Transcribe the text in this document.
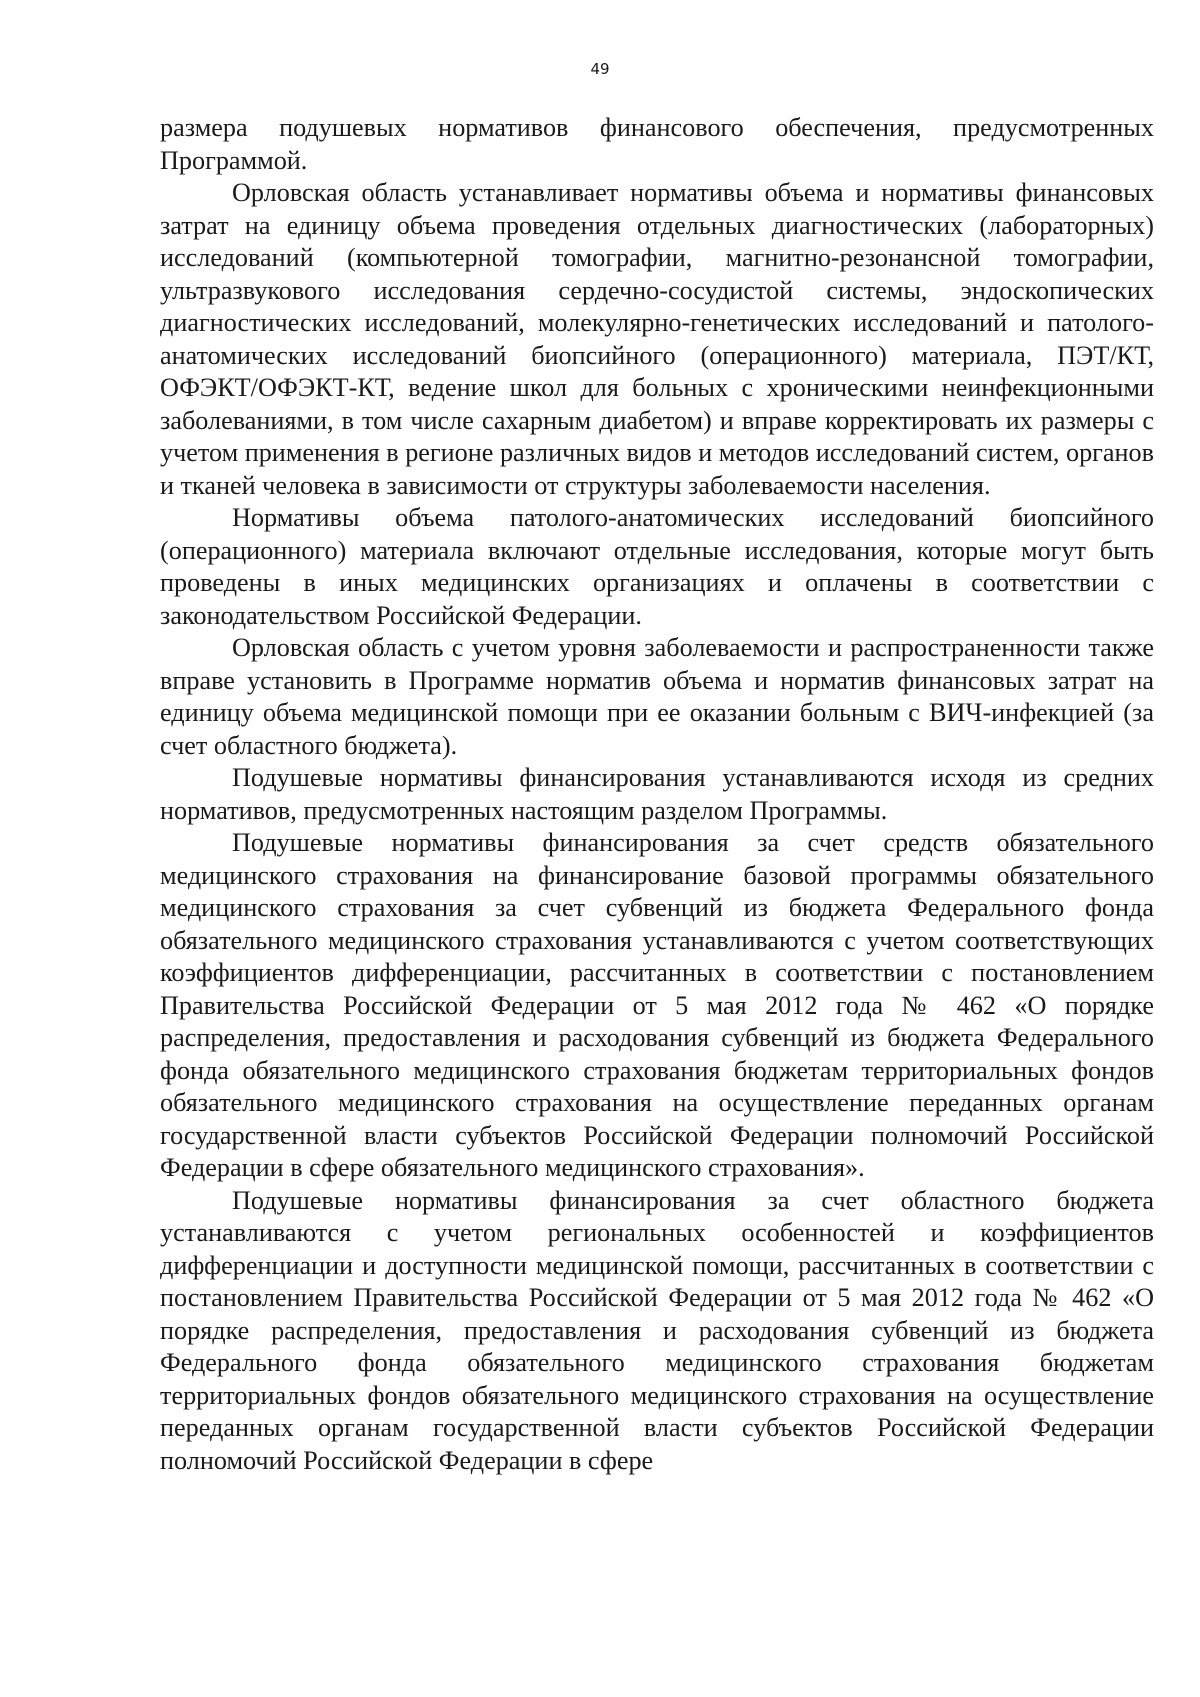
49

размера подушевых нормативов финансового обеспечения, предусмотренных Программой.

Орловская область устанавливает нормативы объема и нормативы финансовых затрат на единицу объема проведения отдельных диагностических (лабораторных) исследований (компьютерной томографии, магнитно-резонансной томографии, ультразвукового исследования сердечно-сосудистой системы, эндоскопических диагностических исследований, молекулярно-генетических исследований и патолого-анатомических исследований биопсийного (операционного) материала, ПЭТ/КТ, ОФЭКТ/ОФЭКТ-КТ, ведение школ для больных с хроническими неинфекционными заболеваниями, в том числе сахарным диабетом) и вправе корректировать их размеры с учетом применения в регионе различных видов и методов исследований систем, органов и тканей человека в зависимости от структуры заболеваемости населения.

Нормативы объема патолого-анатомических исследований биопсийного (операционного) материала включают отдельные исследования, которые могут быть проведены в иных медицинских организациях и оплачены в соответствии с законодательством Российской Федерации.

Орловская область с учетом уровня заболеваемости и распространенности также вправе установить в Программе норматив объема и норматив финансовых затрат на единицу объема медицинской помощи при ее оказании больным с ВИЧ-инфекцией (за счет областного бюджета).

Подушевые нормативы финансирования устанавливаются исходя из средних нормативов, предусмотренных настоящим разделом Программы.

Подушевые нормативы финансирования за счет средств обязательного медицинского страхования на финансирование базовой программы обязательного медицинского страхования за счет субвенций из бюджета Федерального фонда обязательного медицинского страхования устанавливаются с учетом соответствующих коэффициентов дифференциации, рассчитанных в соответствии с постановлением Правительства Российской Федерации от 5 мая 2012 года № 462 «О порядке распределения, предоставления и расходования субвенций из бюджета Федерального фонда обязательного медицинского страхования бюджетам территориальных фондов обязательного медицинского страхования на осуществление переданных органам государственной власти субъектов Российской Федерации полномочий Российской Федерации в сфере обязательного медицинского страхования».

Подушевые нормативы финансирования за счет областного бюджета устанавливаются с учетом региональных особенностей и коэффициентов дифференциации и доступности медицинской помощи, рассчитанных в соответствии с постановлением Правительства Российской Федерации от 5 мая 2012 года № 462 «О порядке распределения, предоставления и расходования субвенций из бюджета Федерального фонда обязательного медицинского страхования бюджетам территориальных фондов обязательного медицинского страхования на осуществление переданных органам государственной власти субъектов Российской Федерации полномочий Российской Федерации в сфере
